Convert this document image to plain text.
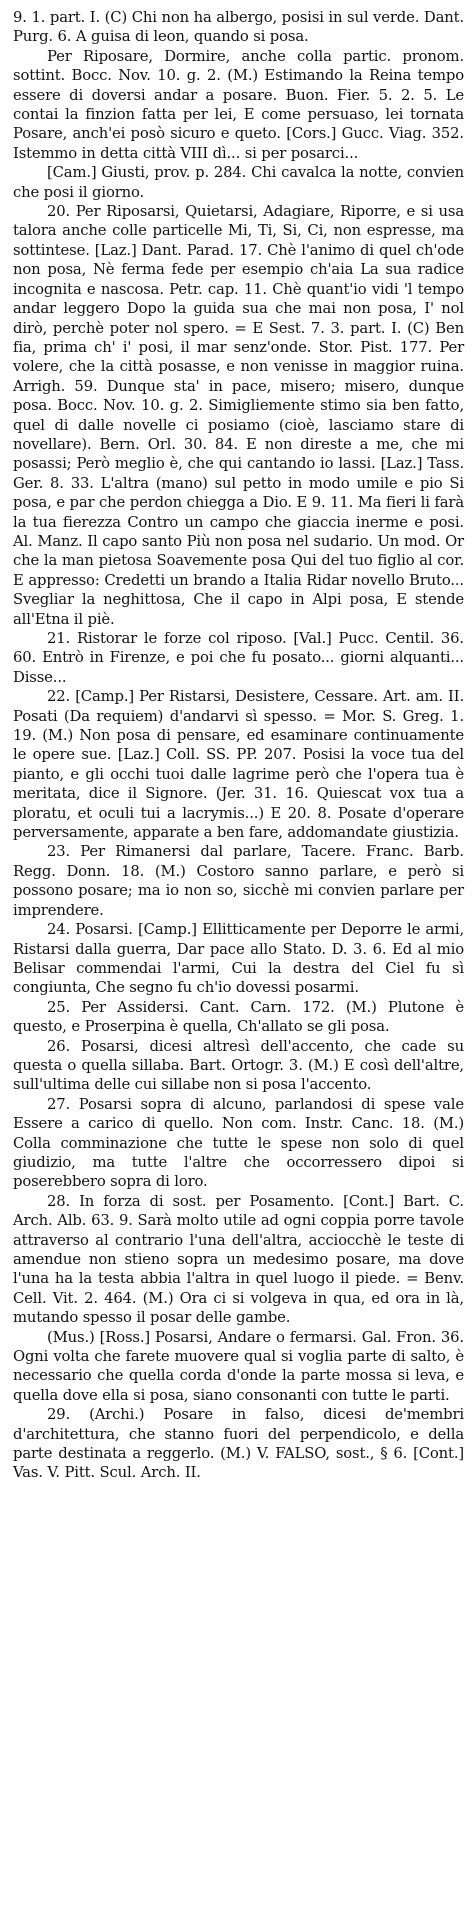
9. 1. part. I. (C) Chi non ha albergo, posisi in sul verde. Dant. Purg. 6. A guisa di leon, quando si posa.

Per Riposare, Dormire, anche colla partic. pronom. sottint. Bocc. Nov. 10. g. 2. (M.) Estimando la Reina tempo essere di doversi andar a posare. Buon. Fier. 5. 2. 5. Le contai la finzion fatta per lei, E come persuaso, lei tornata Posare, anch'ei posò sicuro e queto. [Cors.] Gucc. Viag. 352. Istemmo in detta città VIII dì... si per posarci...

[Cam.] Giusti, prov. p. 284. Chi cavalca la notte, convien che posi il giorno.

20. Per Riposarsi, Quietarsi, Adagiare, Riporre, e si usa talora anche colle particelle Mi, Ti, Si, Ci, non espresse, ma sottintese. [Laz.] Dant. Parad. 17. Chè l'animo di quel ch'ode non posa, Nè ferma fede per esempio ch'aia La sua radice incognita e nascosa. Petr. cap. 11. Chè quant'io vidi 'l tempo andar leggero Dopo la guida sua che mai non posa, I' nol dirò, perchè poter nol spero. = E Sest. 7. 3. part. I. (C) Ben fia, prima ch' i' posi, il mar senz'onde. Stor. Pist. 177. Per volere, che la città posasse, e non venisse in maggior ruina. Arrigh. 59. Dunque sta' in pace, misero; misero, dunque posa. Bocc. Nov. 10. g. 2. Simigliemente stimo sia ben fatto, quel di dalle novelle ci posiamo (cioè, lasciamo stare di novellare). Bern. Orl. 30. 84. E non direste a me, che mi posassi; Però meglio è, che qui cantando io lassi. [Laz.] Tass. Ger. 8. 33. L'altra (mano) sul petto in modo umile e pio Si posa, e par che perdon chiegga a Dio. E 9. 11. Ma fieri li farà la tua fierezza Contro un campo che giaccia inerme e posi. Al. Manz. Il capo santo Più non posa nel sudario. Un mod. Or che la man pietosa Soavemente posa Qui del tuo figlio al cor. E appresso: Credetti un brando a Italia Ridar novello Bruto... Svegliar la neghittosa, Che il capo in Alpi posa, E stende all'Etna il piè.

21. Ristorar le forze col riposo. [Val.] Pucc. Centil. 36. 60. Entrò in Firenze, e poi che fu posato... giorni alquanti... Disse...

22. [Camp.] Per Ristarsi, Desistere, Cessare. Art. am. II. Posati (Da requiem) d'andarvi sì spesso. = Mor. S. Greg. 1. 19. (M.) Non posa di pensare, ed esaminare continuamente le opere sue. [Laz.] Coll. SS. PP. 207. Posisi la voce tua del pianto, e gli occhi tuoi dalle lagrime però che l'opera tua è meritata, dice il Signore. (Jer. 31. 16. Quiescat vox tua a ploratu, et oculi tui a lacrymis...) E 20. 8. Posate d'operare perversamente, apparate a ben fare, addomandate giustizia.

23. Per Rimanersi dal parlare, Tacere. Franc. Barb. Regg. Donn. 18. (M.) Costoro sanno parlare, e però si possono posare; ma io non so, sicchè mi convien parlare per imprendere.

24. Posarsi. [Camp.] Ellitticamente per Deporre le armi, Ristarsi dalla guerra, Dar pace allo Stato. D. 3. 6. Ed al mio Belisar commendai l'armi, Cui la destra del Ciel fu sì congiunta, Che segno fu ch'io dovessi posarmi.

25. Per Assidersi. Cant. Carn. 172. (M.) Plutone è questo, e Proserpina è quella, Ch'allato se gli posa.

26. Posarsi, dicesi altresì dell'accento, che cade su questa o quella sillaba. Bart. Ortogr. 3. (M.) E così dell'altre, sull'ultima delle cui sillabe non si posa l'accento.

27. Posarsi sopra di alcuno, parlandosi di spese vale Essere a carico di quello. Non com. Instr. Canc. 18. (M.) Colla comminazione che tutte le spese non solo di quel giudizio, ma tutte l'altre che occorressero dipoi si poserebbero sopra di loro.

28. In forza di sost. per Posamento. [Cont.] Bart. C. Arch. Alb. 63. 9. Sarà molto utile ad ogni coppia porre tavole attraverso al contrario l'una dell'altra, acciocchè le teste di amendue non stieno sopra un medesimo posare, ma dove l'una ha la testa abbia l'altra in quel luogo il piede. = Benv. Cell. Vit. 2. 464. (M.) Ora ci si volgeva in qua, ed ora in là, mutando spesso il posar delle gambe.

(Mus.) [Ross.] Posarsi, Andare o fermarsi. Gal. Fron. 36. Ogni volta che farete muovere qual si voglia parte di salto, è necessario che quella corda d'onde la parte mossa si leva, e quella dove ella si posa, siano consonanti con tutte le parti.

29. (Archi.) Posare in falso, dicesi de'membri d'architettura, che stanno fuori del perpendicolo, e della parte destinata a reggerlo. (M.) V. FALSO, sost., § 6. [Cont.] Vas. V. Pitt. Scul. Arch. II.
